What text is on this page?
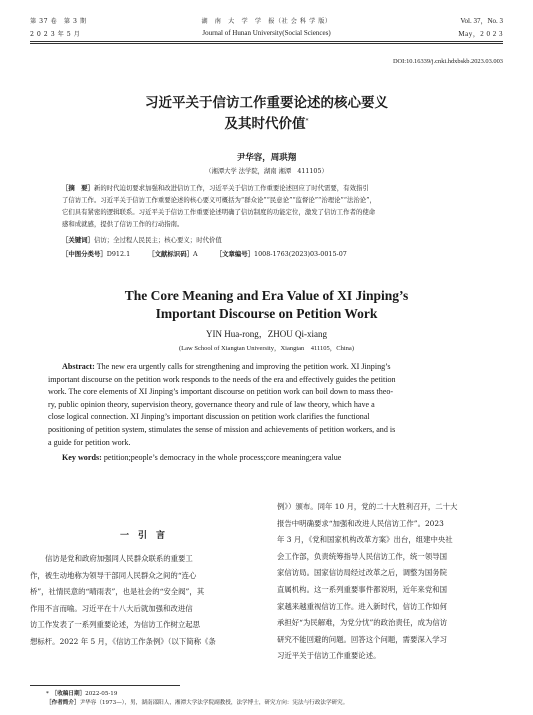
第 37 卷　第 3 期
2 0 2 3 年 5 月
湖　南　大　学　学　报（社 会 科 学 版）
Journal of Hunan University(Social Sciences)
Vol. 37，No. 3
May，2 0 2 3
DOI:10.16339/j.cnki.hdxbskb.2023.03.003
习近平关于信访工作重要论述的核心要义
及其时代价值*
尹华容，周珙翔
（湘潭大学 法学院，湖南 湘潭　411105）
［摘　要］新的时代迫切要求加强和改进信访工作，习近平关于信访工作重要论述回应了时代需要，有效指引
了信访工作。习近平关于信访工作重要论述的核心要义可概括为“群众论”“民意论”“监督论”“治理论”“法治论”，
它们具有紧密的逻辑联系。习近平关于信访工作重要论述明确了信访制度的功能定位，激发了信访工作者的使命
感和成就感，提供了信访工作的行动指南。
［关键词］信访；全过程人民民主；核心要义；时代价值
［中图分类号］D912.1	［文献标识码］A	［文章编号］1008-1763(2023)03-0015-07
The Core Meaning and Era Value of XI Jinping’s
Important Discourse on Petition Work
YIN Hua-rong，ZHOU Qi-xiang
(Law School of Xiangtan University，Xiangtan　411105，China)
Abstract: The new era urgently calls for strengthening and improving the petition work. XI Jinping’s
important discourse on the petition work responds to the needs of the era and effectively guides the petition
work. The core elements of XI Jinping’s important discourse on petition work can boil down to mass theo-
ry, public opinion theory, supervision theory, governance theory and rule of law theory, which have a
close logical connection. XI Jinping’s important discussion on petition work clarifies the functional
positioning of petition system, stimulates the sense of mission and achievements of petition workers, and is
a guide for petition work.
Key words: petition;people’s democracy in the whole process;core meaning;era value
一　引　言
信访是党和政府加强同人民群众联系的重要工
作，被生动地称为领导干部同人民群众之间的“连心
桥”，社情民意的“晴雨表”，也是社会的“安全阀”，其
作用不言而喻。习近平在十八大后就加强和改进信
访工作发表了一系列重要论述，为信访工作树立起思
想标杆。2022 年 5 月，《信访工作条例》（以下简称《条
例》）颁布。同年 10 月，党的二十大胜利召开，二十大
报告中明确要求“加强和改进人民信访工作”。2023
年 3 月，《党和国家机构改革方案》出台，组建中央社
会工作部，负责统筹指导人民信访工作，统一领导国
家信访局。国家信访局经过改革之后，调整为国务院
直属机构。这一系列重要事件都说明，近年来党和国
家越来越重视信访工作。进入新时代，信访工作如何
承担好“为民解难，为党分忧”的政治责任，成为信访
研究不能回避的问题。回答这个问题，需要深入学习
习近平关于信访工作重要论述。
*　 ［收稿日期］2022-05-19
［作者简介］尹华容（1973—），男，湖南邵阳人，湘潭大学法学院副教授，法学博士，研究方向：宪法与行政法学研究。
